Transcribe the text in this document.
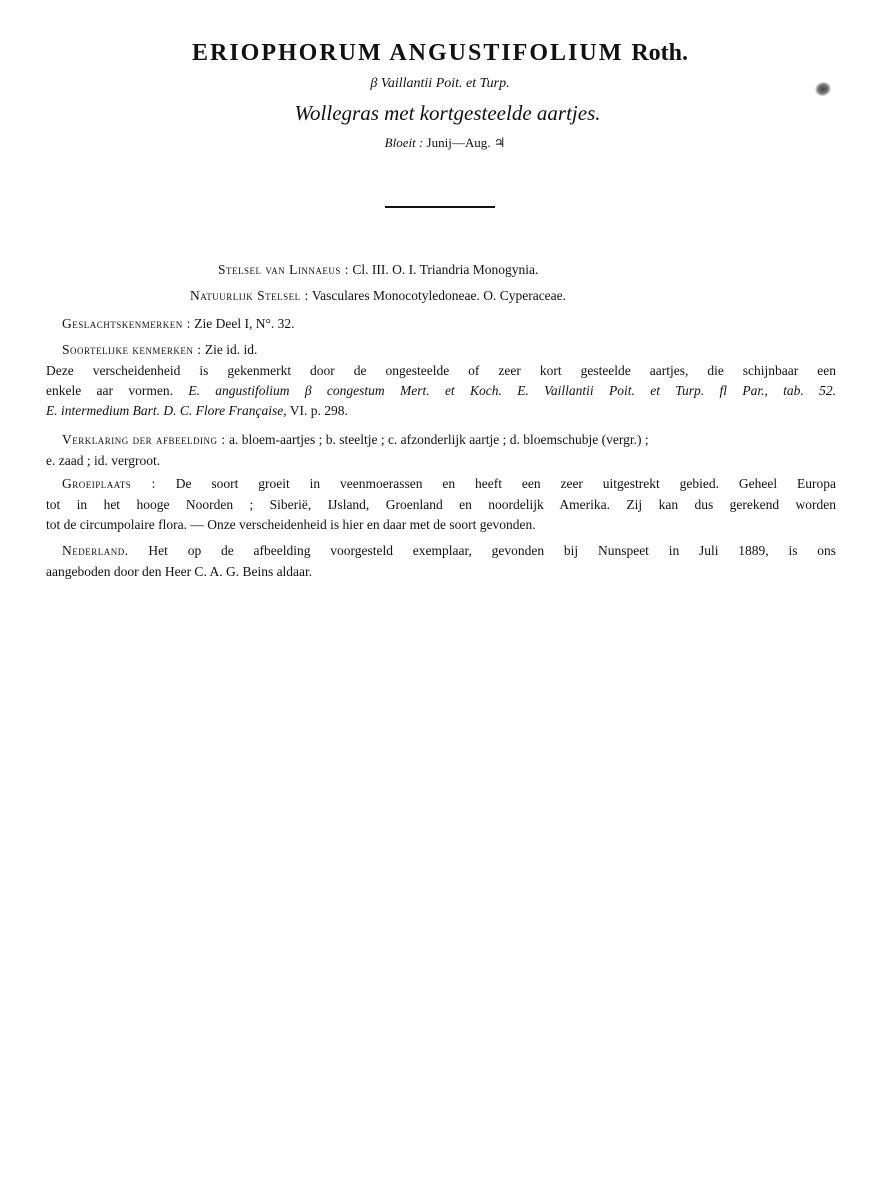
ERIOPHORUM ANGUSTIFOLIUM Roth.
β Vaillantii Poit. et Turp.
Wollegras met kortgesteelde aartjes.
Bloeit : Junij—Aug. ♃
Stelsel van Linnaeus : Cl. III. O. I. Triandria Monogynia.
Natuurlijk Stelsel : Vasculares Monocotyledoneae. O. Cyperaceae.
Geslachtskenmerken : Zie Deel I, N°. 32.
Soortelijke kenmerken : Zie id. id.
Deze verscheidenheid is gekenmerkt door de ongesteelde of zeer kort gesteelde aartjes, die schijnbaar een
enkele aar vormen. E. angustifolium β congestum Mert. et Koch. E. Vaillantii Poit. et Turp. fl Par., tab. 52.
E. intermedium Bart. D. C. Flore Française, VI. p. 298.
Verklaring der afbeelding : a. bloem-aartjes ; b. steeltje ; c. afzonderlijk aartje ; d. bloemschubje (vergr.) ;
e. zaad ; id. vergroot.
Groeiplaats : De soort groeit in veenmoerassen en heeft een zeer uitgestrekt gebied. Geheel Europa
tot in het hooge Noorden ; Siberië, IJsland, Groenland en noordelijk Amerika. Zij kan dus gerekend worden
tot de circumpolaire flora. — Onze verscheidenheid is hier en daar met de soort gevonden.
Nederland. Het op de afbeelding voorgesteld exemplaar, gevonden bij Nunspeet in Juli 1889, is ons
aangeboden door den Heer C. A. G. Beins aldaar.
